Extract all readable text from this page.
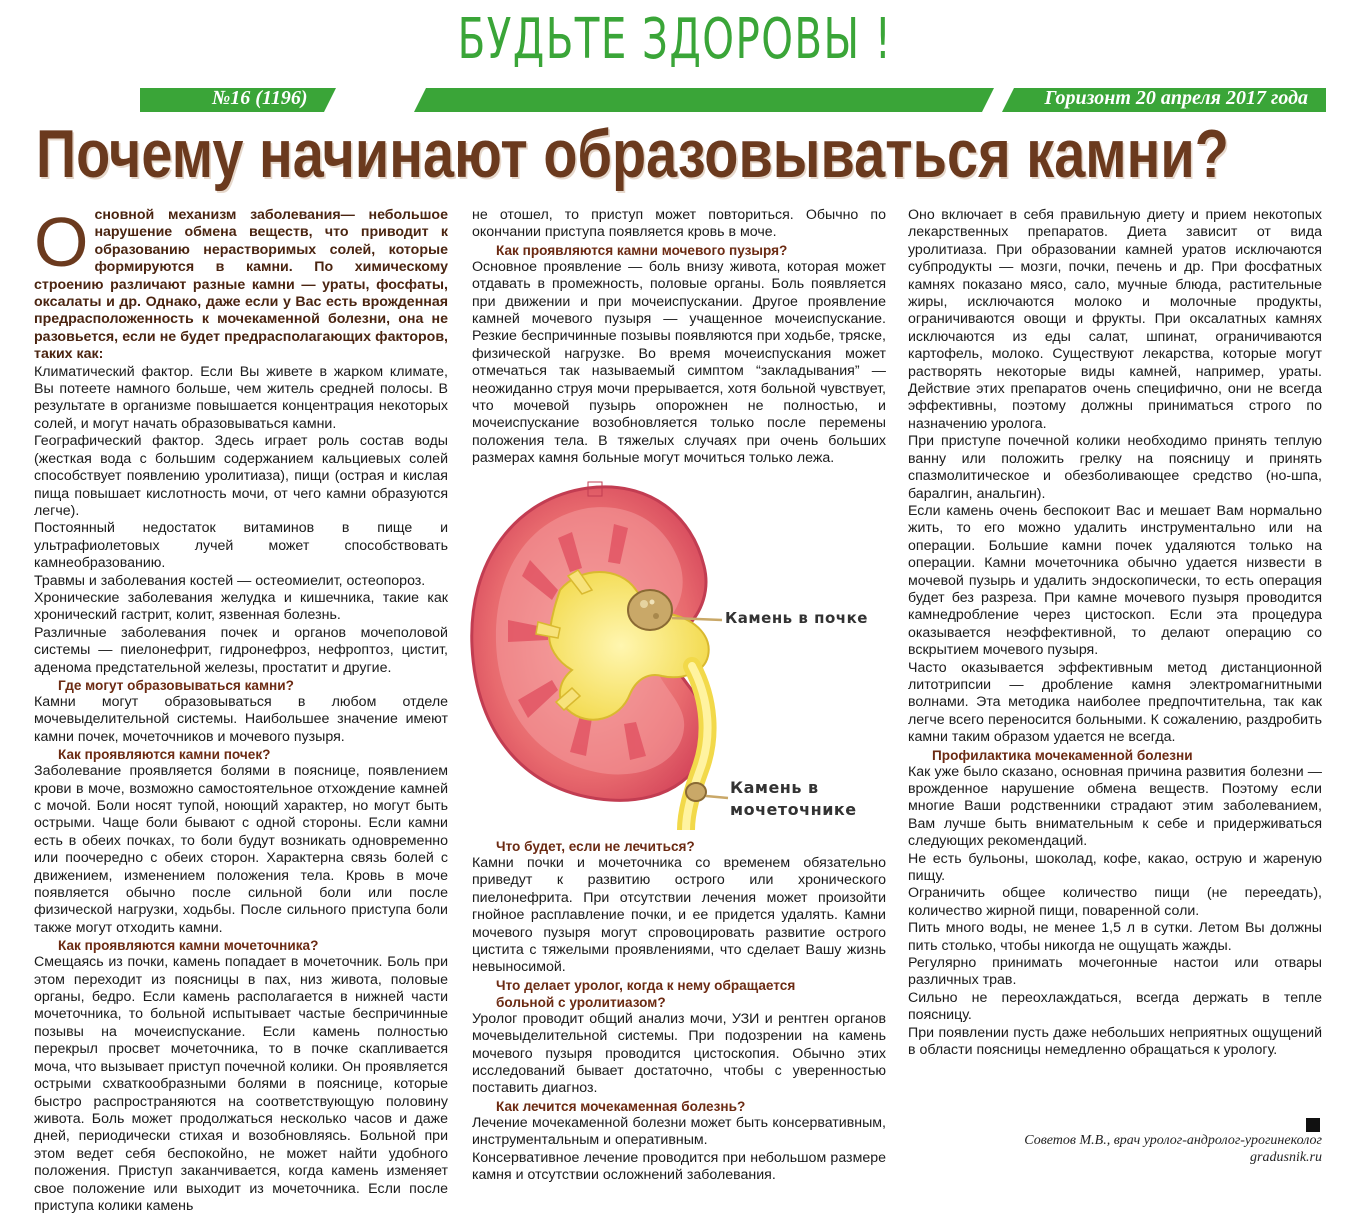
БУДЬТЕ ЗДОРОВЫ !
№16 (1196)	Горизонт 20 апреля 2017 года
Почему начинают образовываться камни?

Основной механизм заболевания— небольшое нарушение обмена веществ, что приводит к образованию нерастворимых солей, которые формируются в камни. По химическому строению различают разные камни — ураты, фосфаты, оксалаты и др. Однако, даже если у Вас есть врожденная предрасположенность к мочекаменной болезни, она не разовьется, если не будет предрасполагающих факторов, таких как:

Климатический фактор. Если Вы живете в жарком климате, Вы потеете намного больше, чем житель средней полосы. В результате в организме повышается концентрация некоторых солей, и могут начать образовываться камни.

Географический фактор. Здесь играет роль состав воды (жесткая вода с большим содержанием кальциевых солей способствует появлению уролитиаза), пищи (острая и кислая пища повышает кислотность мочи, от чего камни образуются легче).

Постоянный недостаток витаминов в пище и ультрафиолетовых лучей может способствовать камнеобразованию.

Травмы и заболевания костей — остеомиелит, остеопороз.

Хронические заболевания желудка и кишечника, такие как хронический гастрит, колит, язвенная болезнь.

Различные заболевания почек и органов мочеполовой системы — пиелонефрит, гидронефроз, нефроптоз, цистит, аденома предстательной железы, простатит и другие.

Где могут образовываться камни?

Камни могут образовываться в любом отделе мочевыделительной системы. Наибольшее значение имеют камни почек, мочеточников и мочевого пузыря.

Как проявляются камни почек?

Заболевание проявляется болями в пояснице, появлением крови в моче, возможно самостоятельное отхождение камней с мочой. Боли носят тупой, ноющий характер, но могут быть острыми. Чаще боли бывают с одной стороны. Если камни есть в обеих почках, то боли будут возникать одновременно или поочередно с обеих сторон. Характерна связь болей с движением, изменением положения тела. Кровь в моче появляется обычно после сильной боли или после физической нагрузки, ходьбы. После сильного приступа боли также могут отходить камни.

Как проявляются камни мочеточника?

Смещаясь из почки, камень попадает в мочеточник. Боль при этом переходит из поясницы в пах, низ живота, половые органы, бедро. Если камень располагается в нижней части мочеточника, то больной испытывает частые беспричинные позывы на мочеиспускание. Если камень полностью перекрыл просвет мочеточника, то в почке скапливается моча, что вызывает приступ почечной колики. Он проявляется острыми схваткообразными болями в пояснице, которые быстро распространяются на соответствующую половину живота. Боль может продолжаться несколько часов и даже дней, периодически стихая и возобновляясь. Больной при этом ведет себя беспокойно, не может найти удобного положения. Приступ заканчивается, когда камень изменяет свое положение или выходит из мочеточника. Если после приступа колики камень

не отошел, то приступ может повториться. Обычно по окончании приступа появляется кровь в моче.

Как проявляются камни мочевого пузыря?

Основное проявление — боль внизу живота, которая может отдавать в промежность, половые органы. Боль появляется при движении и при мочеиспускании. Другое проявление камней мочевого пузыря — учащенное мочеиспускание. Резкие беспричинные позывы появляются при ходьбе, тряске, физической нагрузке. Во время мочеиспускания может отмечаться так называемый симптом “закладывания” — неожиданно струя мочи прерывается, хотя больной чувствует, что мочевой пузырь опорожнен не полностью, и мочеиспускание возобновляется только после перемены положения тела. В тяжелых случаях при очень больших размерах камня больные могут мочиться только лежа.

Камень в почке
Камень в
мочеточнике

Что будет, если не лечиться?

Камни почки и мочеточника со временем обязательно приведут к развитию острого или хронического пиелонефрита. При отсутствии лечения может произойти гнойное расплавление почки, и ее придется удалять. Камни мочевого пузыря могут спровоцировать развитие острого цистита с тяжелыми проявлениями, что сделает Вашу жизнь невыносимой.

Что делает уролог, когда к нему обращается

больной с уролитиазом?

Уролог проводит общий анализ мочи, УЗИ и рентген органов мочевыделительной системы. При подозрении на камень мочевого пузыря проводится цистоскопия. Обычно этих исследований бывает достаточно, чтобы с уверенностью поставить диагноз.

Как лечится мочекаменная болезнь?

Лечение мочекаменной болезни может быть консервативным, инструментальным и оперативным.

Консервативное лечение проводится при небольшом размере камня и отсутствии осложнений заболевания.

Оно включает в себя правильную диету и прием некотопых лекарственных препаратов. Диета зависит от вида уролитиаза. При образовании камней уратов исключаются субпродукты — мозги, почки, печень и др. При фосфатных камнях показано мясо, сало, мучные блюда, растительные жиры, исключаются молоко и молочные продукты, ограничиваются овощи и фрукты. При оксалатных камнях исключаются из еды салат, шпинат, ограничиваются картофель, молоко. Существуют лекарства, которые могут растворять некоторые виды камней, например, ураты. Действие этих препаратов очень специфично, они не всегда эффективны, поэтому должны приниматься строго по назначению уролога.

При приступе почечной колики необходимо принять теплую ванну или положить грелку на поясницу и принять спазмолитическое и обезболивающее средство (но-шпа, баралгин, анальгин).

Если камень очень беспокоит Вас и мешает Вам нормально жить, то его можно удалить инструментально или на операции. Большие камни почек удаляются только на операции. Камни мочеточника обычно удается низвести в мочевой пузырь и удалить эндоскопически, то есть операция будет без разреза. При камне мочевого пузыря проводится камнедробление через цистоскоп. Если эта процедура оказывается неэффективной, то делают операцию со вскрытием мочевого пузыря.

Часто оказывается эффективным метод дистанционной литотрипсии — дробление камня электромагнитными волнами. Эта методика наиболее предпочтительна, так как легче всего переносится больными. К сожалению, раздробить камни таким образом удается не всегда.

Профилактика мочекаменной болезни

Как уже было сказано, основная причина развития болезни — врожденное нарушение обмена веществ. Поэтому если многие Ваши родственники страдают этим заболеванием, Вам лучше быть внимательным к себе и придерживаться следующих рекомендаций.

Не есть бульоны, шоколад, кофе, какао, острую и жареную пищу.

Ограничить общее количество пищи (не переедать), количество жирной пищи, поваренной соли.

Пить много воды, не менее 1,5 л в сутки. Летом Вы должны пить столько, чтобы никогда не ощущать жажды.

Регулярно принимать мочегонные настои или отвары различных трав.

Сильно не переохлаждаться, всегда держать в тепле поясницу.

При появлении пусть даже небольших неприятных ощущений в области поясницы немедленно обращаться к урологу.

Советов М.В., врач уролог-андролог-урогинеколог
gradusnik.ru
